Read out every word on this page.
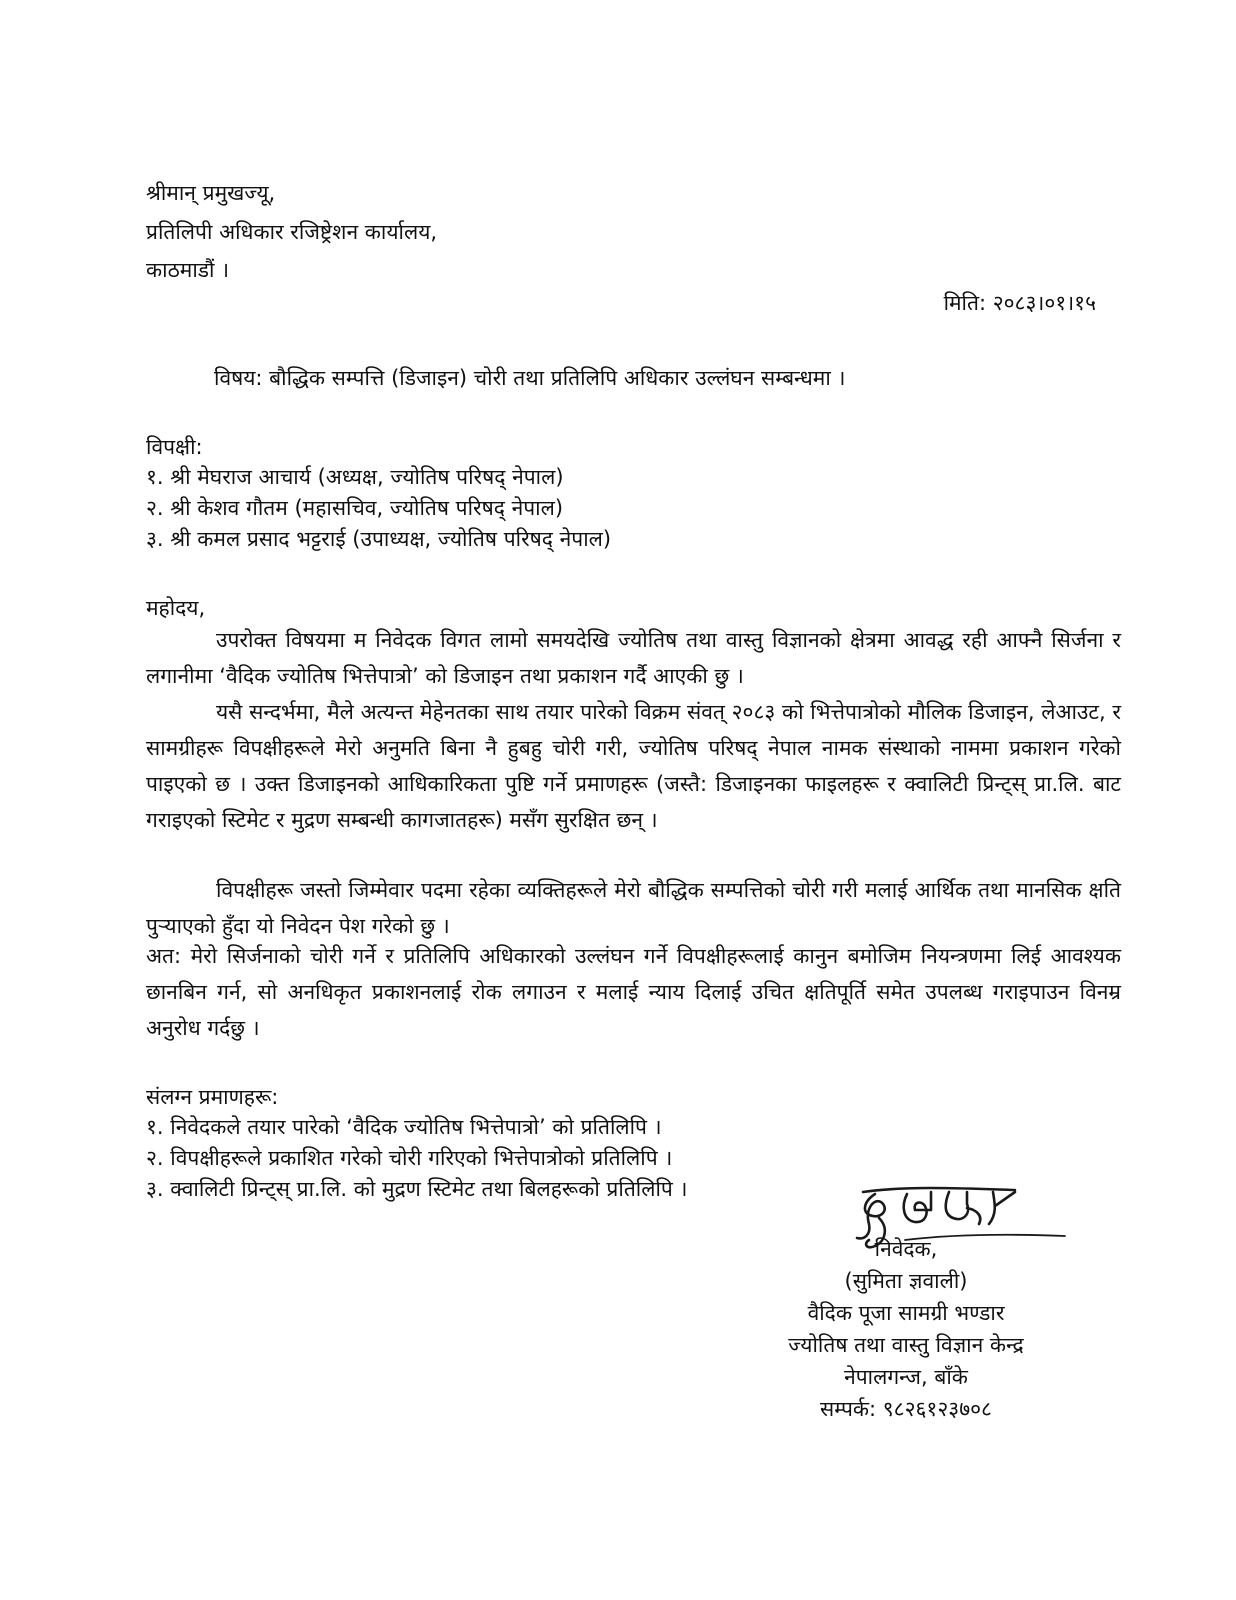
श्रीमान् प्रमुखज्यू,
प्रतिलिपी अधिकार रजिष्ट्रेशन कार्यालय,
काठमाडौं ।
मिति: २०८३।०१।१५
विषय: बौद्धिक सम्पत्ति (डिजाइन) चोरी तथा प्रतिलिपि अधिकार उल्लंघन सम्बन्धमा ।
विपक्षी:
१. श्री मेघराज आचार्य (अध्यक्ष, ज्योतिष परिषद् नेपाल)
२. श्री केशव गौतम (महासचिव, ज्योतिष परिषद् नेपाल)
३. श्री कमल प्रसाद भट्टराई (उपाध्यक्ष, ज्योतिष परिषद् नेपाल)
महोदय,
उपरोक्त विषयमा म निवेदक विगत लामो समयदेखि ज्योतिष तथा वास्तु विज्ञानको क्षेत्रमा आवद्ध रही आफ्नै सिर्जना र लगानीमा ‘वैदिक ज्योतिष भित्तेपात्रो’ को डिजाइन तथा प्रकाशन गर्दै आएकी छु ।
यसै सन्दर्भमा, मैले अत्यन्त मेहेनतका साथ तयार पारेको विक्रम संवत् २०८३ को भित्तेपात्रोको मौलिक डिजाइन, लेआउट, र सामग्रीहरू विपक्षीहरूले मेरो अनुमति बिना नै हुबहु चोरी गरी, ज्योतिष परिषद् नेपाल नामक संस्थाको नाममा प्रकाशन गरेको पाइएको छ । उक्त डिजाइनको आधिकारिकता पुष्टि गर्ने प्रमाणहरू (जस्तै: डिजाइनका फाइलहरू र क्वालिटी प्रिन्ट्स् प्रा.लि. बाट गराइएको स्टिमेट र मुद्रण सम्बन्धी कागजातहरू) मसँग सुरक्षित छन् ।
विपक्षीहरू जस्तो जिम्मेवार पदमा रहेका व्यक्तिहरूले मेरो बौद्धिक सम्पत्तिको चोरी गरी मलाई आर्थिक तथा मानसिक क्षति पुऱ्याएको हुँदा यो निवेदन पेश गरेको छु ।
अत: मेरो सिर्जनाको चोरी गर्ने र प्रतिलिपि अधिकारको उल्लंघन गर्ने विपक्षीहरूलाई कानुन बमोजिम नियन्त्रणमा लिई आवश्यक छानबिन गर्न, सो अनधिकृत प्रकाशनलाई रोक लगाउन र मलाई न्याय दिलाई उचित क्षतिपूर्ति समेत उपलब्ध गराइपाउन विनम्र अनुरोध गर्दछु ।
संलग्न प्रमाणहरू:
१. निवेदकले तयार पारेको ‘वैदिक ज्योतिष भित्तेपात्रो’ को प्रतिलिपि ।
२. विपक्षीहरूले प्रकाशित गरेको चोरी गरिएको भित्तेपात्रोको प्रतिलिपि ।
३. क्वालिटी प्रिन्ट्स् प्रा.लि. को मुद्रण स्टिमेट तथा बिलहरूको प्रतिलिपि ।
निवेदक,
(सुमिता ज्ञवाली)
वैदिक पूजा सामग्री भण्डार
ज्योतिष तथा वास्तु विज्ञान केन्द्र
नेपालगन्ज, बाँके
सम्पर्क: ९८२६१२३७०८
